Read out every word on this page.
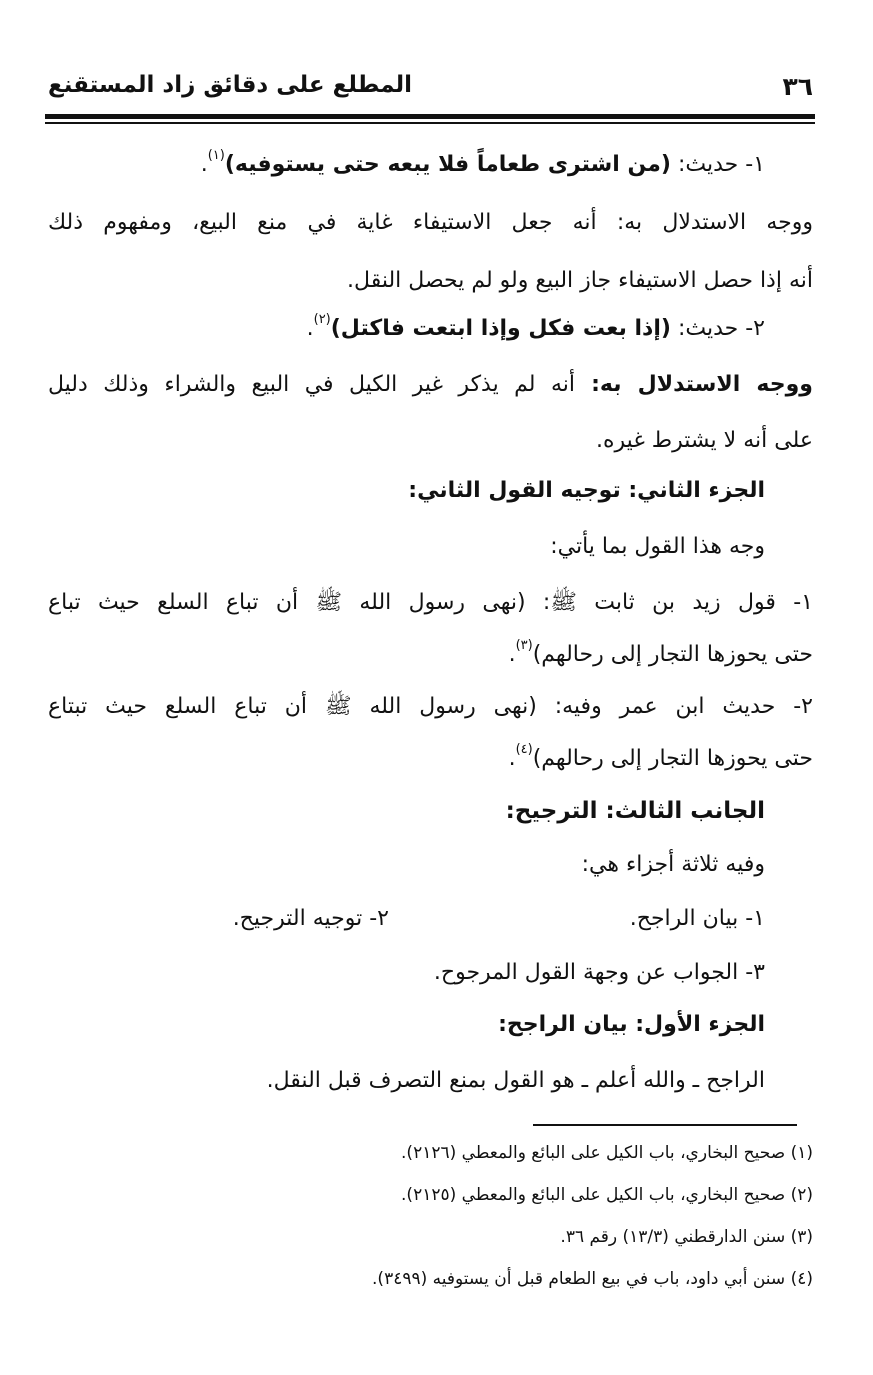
٣٦
المطلع على دقائق زاد المستقنع
١- حديث: (من اشترى طعاماً فلا يبعه حتى يستوفيه)$^{(١)}$.
ووجه الاستدلال به: أنه جعل الاستيفاء غاية في منع البيع، ومفهوم ذلك
أنه إذا حصل الاستيفاء جاز البيع ولو لم يحصل النقل.
٢- حديث: (إذا بعت فكل وإذا ابتعت فاكتل)$^{(٢)}$.
ووجه الاستدلال به: أنه لم يذكر غير الكيل في البيع والشراء وذلك دليل
على أنه لا يشترط غيره.
الجزء الثاني: توجيه القول الثاني:
وجه هذا القول بما يأتي:
١- قول زيد بن ثابت ﷺ: (نهى رسول الله ﷺ أن تباع السلع حيث تباع
حتى يحوزها التجار إلى رحالهم)$^{(٣)}$.
٢- حديث ابن عمر وفيه: (نهى رسول الله ﷺ أن تباع السلع حيث تبتاع
حتى يحوزها التجار إلى رحالهم)$^{(٤)}$.
الجانب الثالث: الترجيح:
وفيه ثلاثة أجزاء هي:
١- بيان الراجح.
٢- توجيه الترجيح.
٣- الجواب عن وجهة القول المرجوح.
الجزء الأول: بيان الراجح:
الراجح ـ والله أعلم ـ هو القول بمنع التصرف قبل النقل.
(١) صحيح البخاري، باب الكيل على البائع والمعطي (٢١٢٦).
(٢) صحيح البخاري، باب الكيل على البائع والمعطي (٢١٢٥).
(٣) سنن الدارقطني (١٣/٣) رقم ٣٦.
(٤) سنن أبي داود، باب في بيع الطعام قبل أن يستوفيه (٣٤٩٩).
